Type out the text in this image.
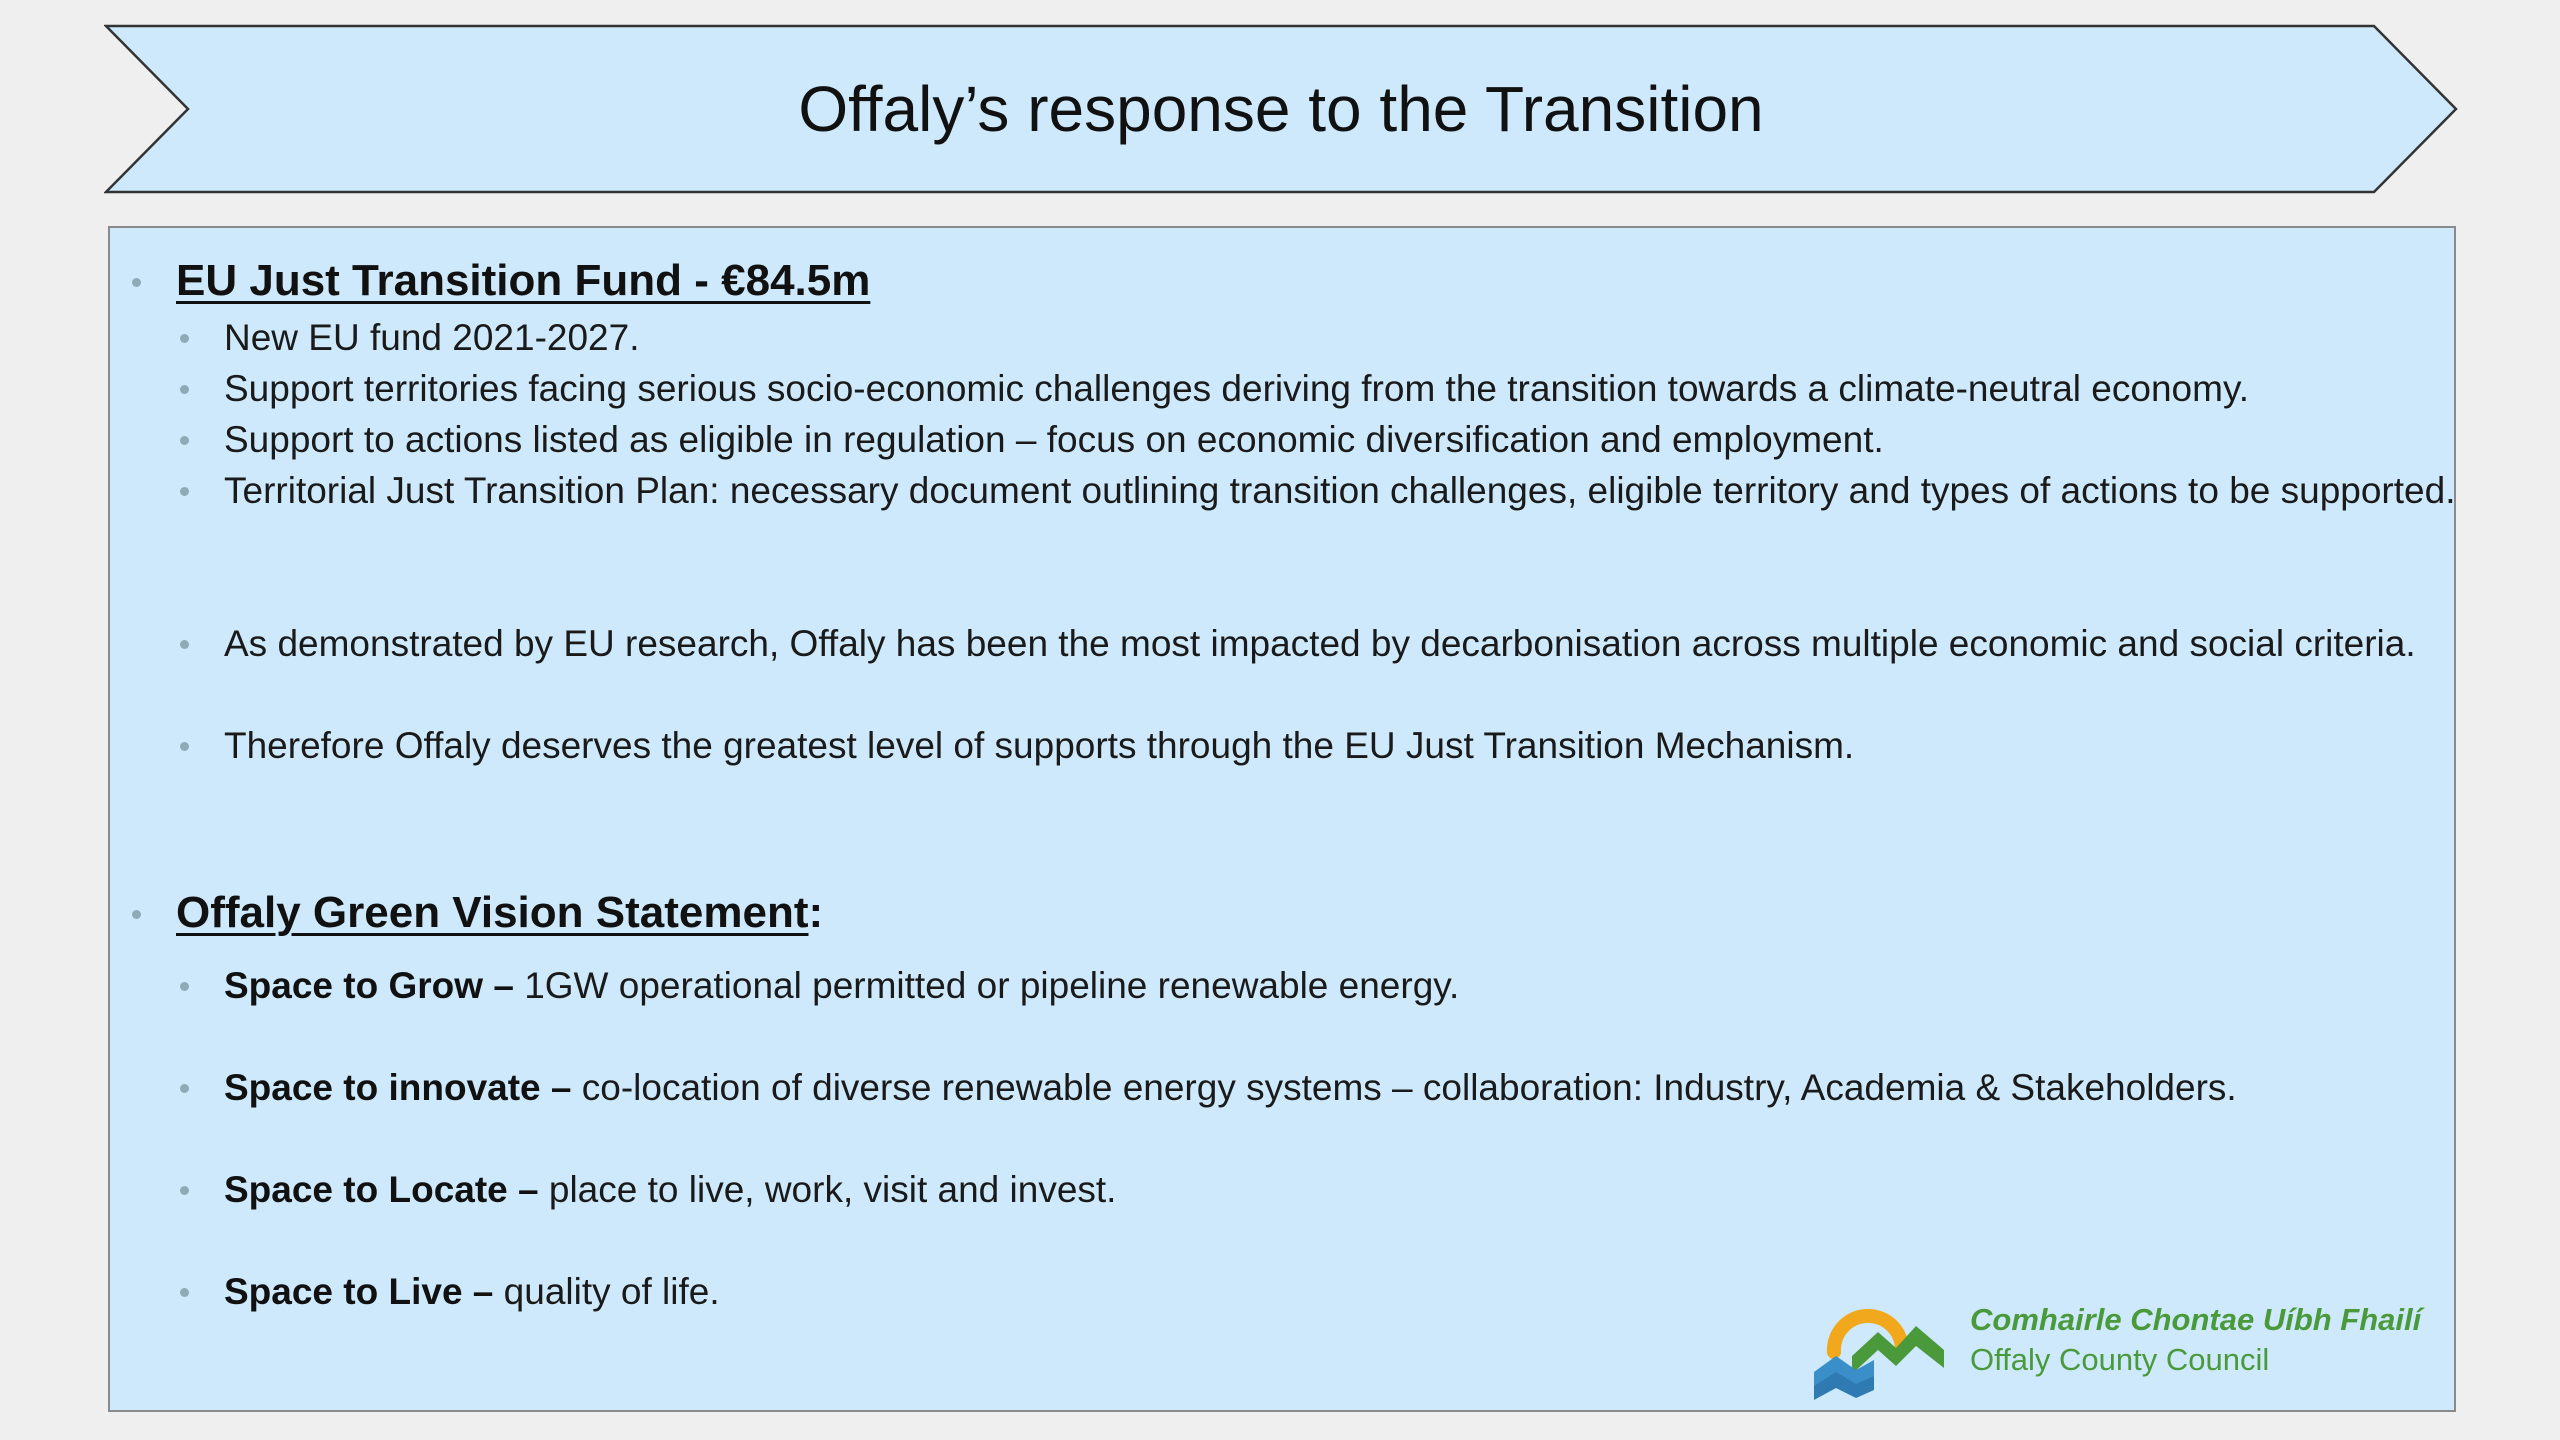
Offaly’s response to the Transition
EU Just Transition Fund - €84.5m
New EU fund 2021-2027.
Support territories facing serious socio-economic challenges deriving from the transition towards a climate-neutral economy.
Support to actions listed as eligible in regulation – focus on economic diversification and employment.
Territorial Just Transition Plan: necessary document outlining transition challenges, eligible territory and types of actions to be supported.
As demonstrated by EU research, Offaly has been the most impacted by decarbonisation across multiple economic and social criteria.
Therefore Offaly deserves the greatest level of supports through the EU Just Transition Mechanism.
Offaly Green Vision Statement:
Space to Grow – 1GW operational permitted or pipeline renewable energy.
Space to innovate – co-location of diverse renewable energy systems – collaboration: Industry, Academia & Stakeholders.
Space to Locate – place to live, work, visit and invest.
Space to Live – quality of life.
Comhairle Chontae Uíbh Fhailí
Offaly County Council
